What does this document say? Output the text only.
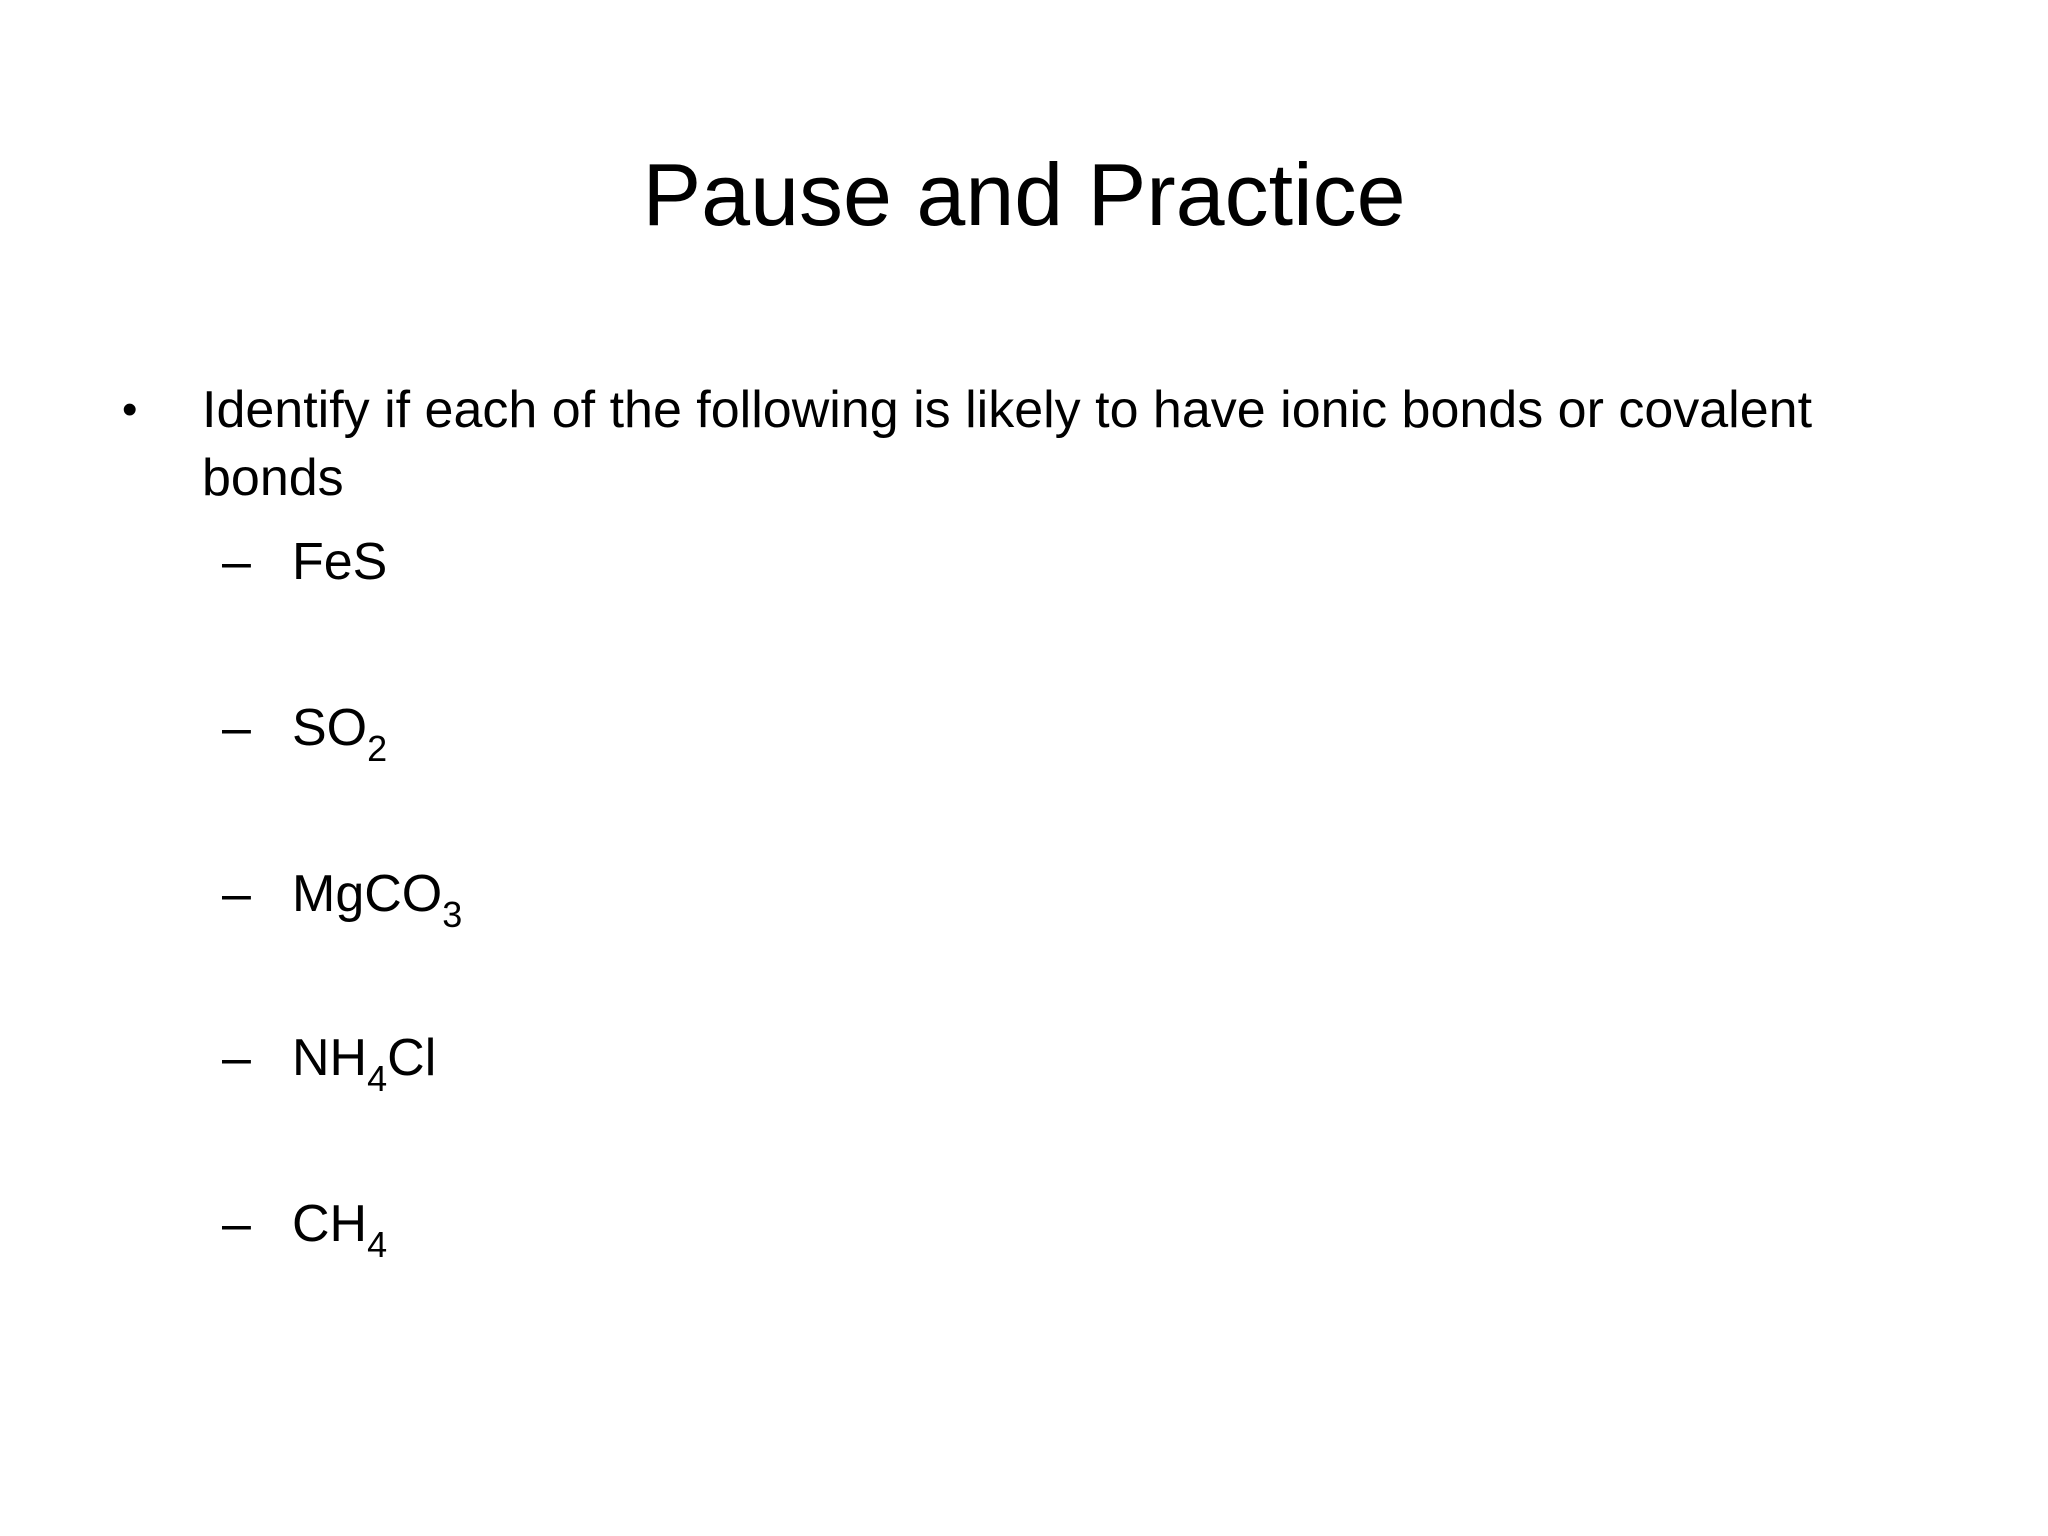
Pause and Practice
•	Identify if each of the following is likely to have ionic bonds or covalent bonds
– FeS
– $SO_2$
– MgCO$_3$
– $NH_4Cl$
– $CH_4$
